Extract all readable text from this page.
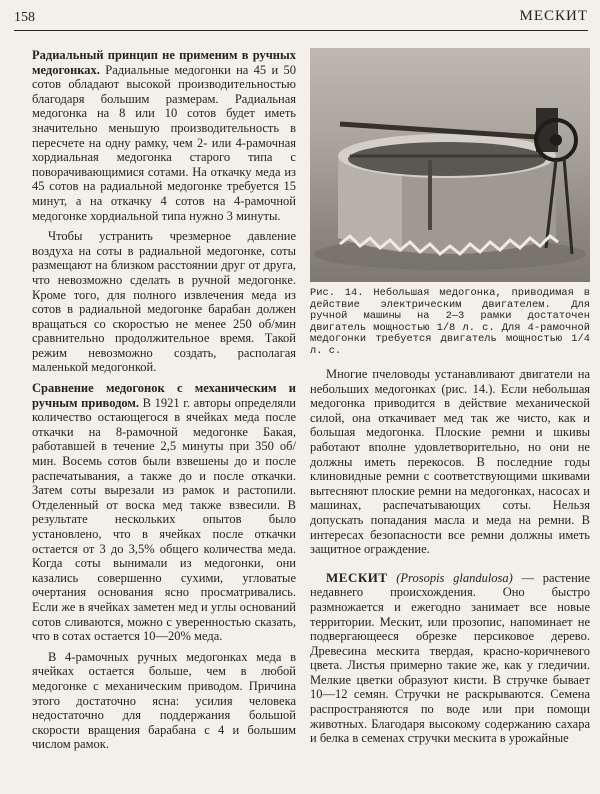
158	МЕСКИТ

Радиальный принцип не применим в ручных медогонках. Радиальные медогонки на 45 и 50 сотов обладают высокой производительностью благодаря большим размерам. Радиальная медогонка на 8 или 10 сотов будет иметь значительно меньшую производительность в пересчете на одну рамку, чем 2- или 4-рамочная хордиальная медогонка старого типа с поворачивающимися сотами. На откачку меда из 45 сотов на радиальной медогонке требуется 15 минут, а на откачку 4 сотов на 4-рамочной медогонке хордиальной типа нужно 3 минуты.

Чтобы устранить чрезмерное давление воздуха на соты в радиальной медогонке, соты размещают на близком расстоянии друг от друга, что невозможно сделать в ручной медогонке. Кроме того, для полного извлечения меда из сотов в радиальной медогонке барабан должен вращаться со скоростью не менее 250 об/мин сравнительно продолжительное время. Такой режим невозможно создать, располагая маленькой медогонкой.

Сравнение медогонок с механическим и ручным приводом. В 1921 г. авторы определяли количество остающегося в ячейках меда после откачки на 8-рамочной медогонке Бакая, работавшей в течение 2,5 минуты при 350 об/мин. Восемь сотов были взвешены до и после распечатывания, а также до и после откачки. Затем соты вырезали из рамок и растопили. Отделенный от воска мед также взвесили. В результате нескольких опытов было установлено, что в ячейках после откачки остается от 3 до 3,5% общего количества меда. Когда соты вынимали из медогонки, они казались совершенно сухими, угловатые очертания основания ясно просматривались. Если же в ячейках заметен мед и углы оснований сотов сливаются, можно с уверенностью сказать, что в сотах остается 10—20% меда.

В 4-рамочных ручных медогонках меда в ячейках остается больше, чем в любой медогонке с механическим приводом. Причина этого достаточно ясна: усилия человека недостаточно для поддержания большой скорости вращения барабана с 4 и большим числом рамок.

Рис. 14. Небольшая медогонка, приводимая в действие электрическим двигателем. Для ручной машины на 2—3 рамки достаточен двигатель мощностью 1/8 л. с. Для 4-рамочной медогонки требуется двигатель мощностью 1/4 л. с.

Многие пчеловоды устанавливают двигатели на небольших медогонках (рис. 14.). Если небольшая медогонка приводится в действие механической силой, она откачивает мед так же чисто, как и большая медогонка. Плоские ремни и шкивы работают вполне удовлетворительно, но они не должны иметь перекосов. В последние годы клиновидные ремни с соответствующими шкивами вытесняют плоские ремни на медогонках, насосах и машинах, распечатывающих соты. Нельзя допускать попадания масла и меда на ремни. В интересах безопасности все ремни должны иметь защитное ограждение.

МЕСКИТ (Prosopis glandulosa) — растение недавнего происхождения. Оно быстро размножается и ежегодно занимает все новые территории. Мескит, или прозопис, напоминает не подвергающееся обрезке персиковое дерево. Древесина мескита твердая, красно-коричневого цвета. Листья примерно такие же, как у гледичии. Мелкие цветки образуют кисти. В стручке бывает 10—12 семян. Стручки не раскрываются. Семена распространяются по воде или при помощи животных. Благодаря высокому содержанию сахара и белка в семенах стручки мескита в урожайные
